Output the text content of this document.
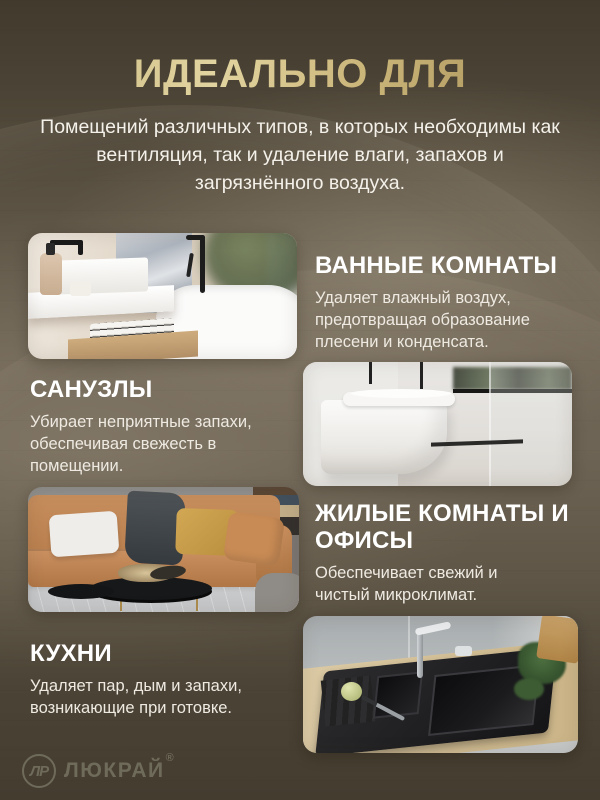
ИДЕАЛЬНО ДЛЯ

Помещений различных типов, в которых необходимы как вентиляция, так и удаление влаги, запахов и загрязнённого воздуха.

ВАННЫЕ КОМНАТЫ

Удаляет влажный воздух, предотвращая образование плесени и конденсата.

САНУЗЛЫ

Убирает неприятные запахи, обеспечивая свежесть в помещении.

ЖИЛЫЕ КОМНАТЫ И ОФИСЫ

Обеспечивает свежий и чистый микроклимат.

КУХНИ

Удаляет пар, дым и запахи, возникающие при готовке.

ЛР ЛЮКРАЙ®
